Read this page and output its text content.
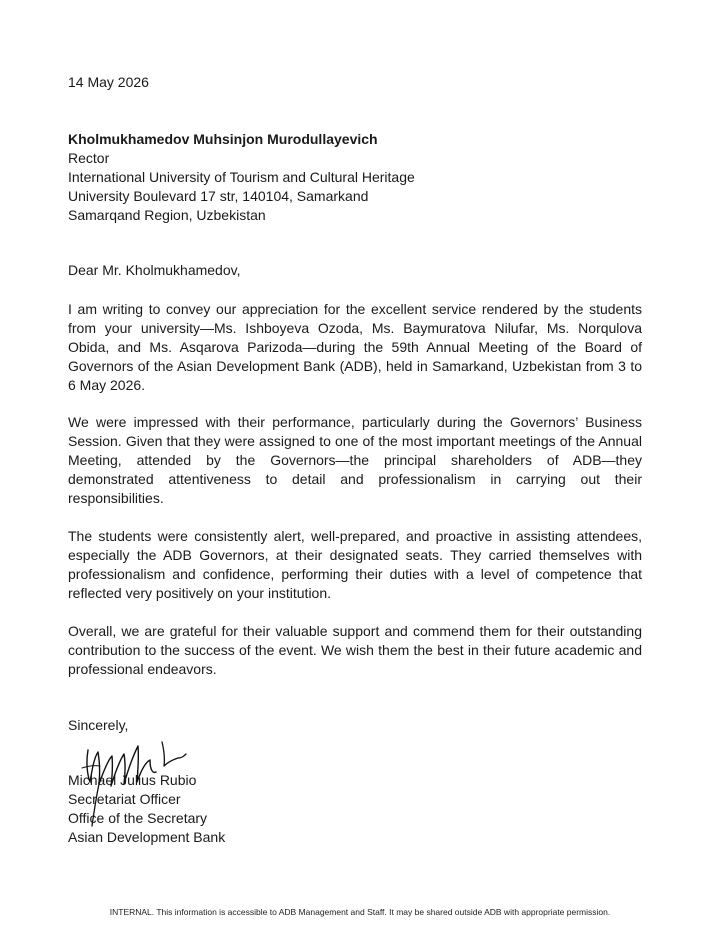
14 May 2026
Kholmukhamedov Muhsinjon Murodullayevich
Rector
International University of Tourism and Cultural Heritage
University Boulevard 17 str, 140104, Samarkand
Samarqand Region, Uzbekistan
Dear Mr. Kholmukhamedov,
I am writing to convey our appreciation for the excellent service rendered by the students from your university—Ms. Ishboyeva Ozoda, Ms. Baymuratova Nilufar, Ms. Norqulova Obida, and Ms. Asqarova Parizoda—during the 59th Annual Meeting of the Board of Governors of the Asian Development Bank (ADB), held in Samarkand, Uzbekistan from 3 to 6 May 2026.
We were impressed with their performance, particularly during the Governors’ Business Session. Given that they were assigned to one of the most important meetings of the Annual Meeting, attended by the Governors—the principal shareholders of ADB—they demonstrated attentiveness to detail and professionalism in carrying out their responsibilities.
The students were consistently alert, well-prepared, and proactive in assisting attendees, especially the ADB Governors, at their designated seats. They carried themselves with professionalism and confidence, performing their duties with a level of competence that reflected very positively on your institution.
Overall, we are grateful for their valuable support and commend them for their outstanding contribution to the success of the event. We wish them the best in their future academic and professional endeavors.
Sincerely,
Michael Julius Rubio
Secretariat Officer
Office of the Secretary
Asian Development Bank
INTERNAL. This information is accessible to ADB Management and Staff. It may be shared outside ADB with appropriate permission.
